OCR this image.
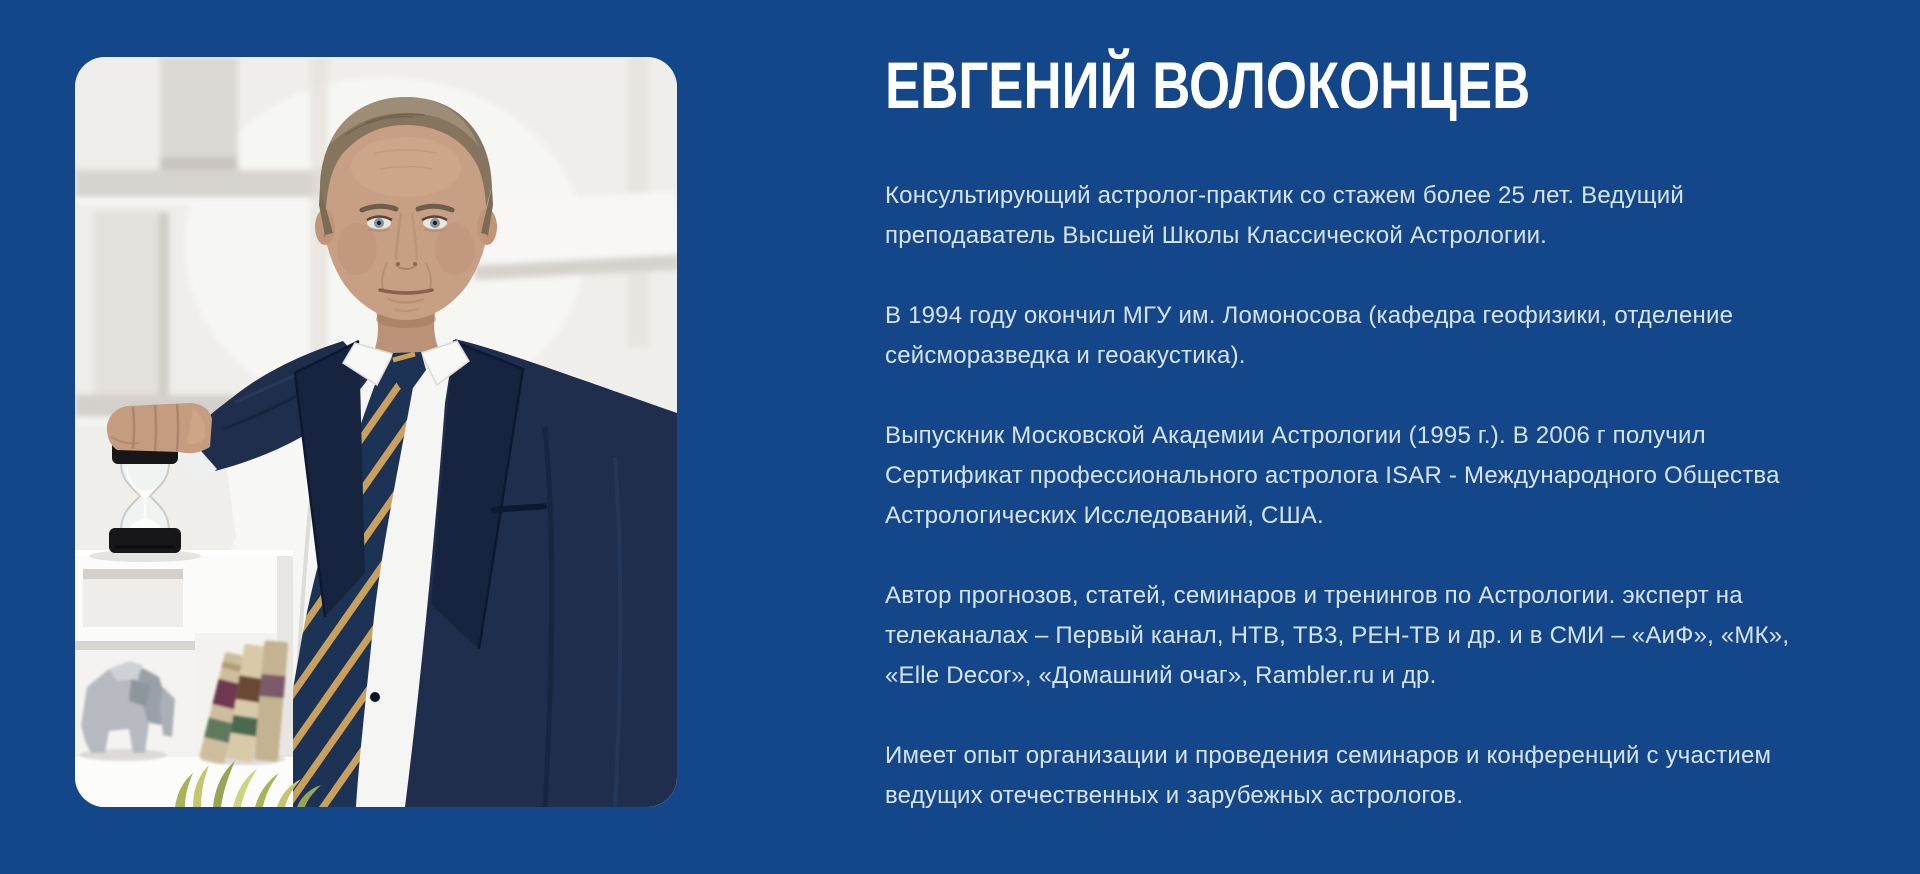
ЕВГЕНИЙ ВОЛОКОНЦЕВ

Консультирующий астролог-практик со стажем более 25 лет. Ведущий преподаватель Высшей Школы Классической Астрологии.

В 1994 году окончил МГУ им. Ломоносова (кафедра геофизики, отделение сейсморазведка и геоакустика).

Выпускник Московской Академии Астрологии (1995 г.). В 2006 г получил Сертификат профессионального астролога ISAR - Международного Общества Астрологических Исследований, США.

Автор прогнозов, статей, семинаров и тренингов по Астрологии. эксперт на телеканалах – Первый канал, НТВ, ТВ3, РЕН-ТВ и др. и в СМИ – «АиФ», «МК», «Elle Decor», «Домашний очаг», Rambler.ru и др.

Имеет опыт организации и проведения семинаров и конференций с участием ведущих отечественных и зарубежных астрологов.
